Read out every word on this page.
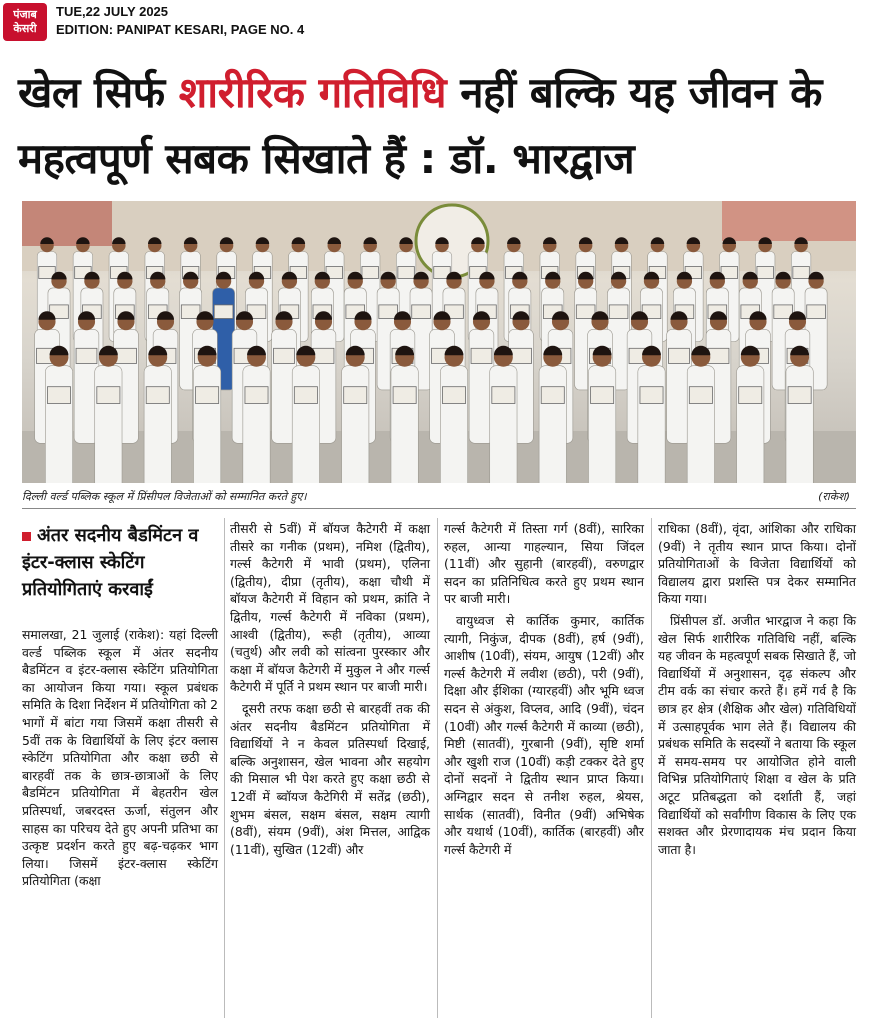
पंजाब
केसरी
TUE,22 JULY 2025
EDITION: PANIPAT KESARI, PAGE NO. 4
खेल सिर्फ शारीरिक गतिविधि नहीं बल्कि यह जीवन के महत्वपूर्ण सबक सिखाते हैं : डॉ. भारद्वाज
दिल्ली वर्ल्ड पब्लिक स्कूल में प्रिंसीपल विजेताओं को सम्मानित करते हुए।	(राकेश)
अंतर सदनीय बैडमिंटन व इंटर-क्लास स्केटिंग प्रतियोगिताएं करवाईं

समालखा, 21 जुलाई (राकेश): यहां दिल्ली वर्ल्ड पब्लिक स्कूल में अंतर सदनीय बैडमिंटन व इंटर-क्लास स्केटिंग प्रतियोगिता का आयोजन किया गया। स्कूल प्रबंधक समिति के दिशा निर्देशन में प्रतियोगिता को 2 भागों में बांटा गया जिसमें कक्षा तीसरी से 5वीं तक के विद्यार्थियों के लिए इंटर क्लास स्केटिंग प्रतियोगिता और कक्षा छठी से बारहवीं तक के छात्र-छात्राओं के लिए बैडमिंटन प्रतियोगिता में बेहतरीन खेल प्रतिस्पर्धा, जबरदस्त ऊर्जा, संतुलन और साहस का परिचय देते हुए अपनी प्रतिभा का उत्कृष्ट प्रदर्शन करते हुए बढ़-चढ़कर भाग लिया। जिसमें इंटर-क्लास स्केटिंग प्रतियोगिता (कक्षा

तीसरी से 5वीं) में बॉयज कैटेगरी में कक्षा तीसरे का गनीक (प्रथम), नमिश (द्वितीय), गर्ल्स कैटेगरी में भावी (प्रथम), एलिना (द्वितीय), दीप्रा (तृतीय), कक्षा चौथी में बॉयज कैटेगरी में विहान को प्रथम, क्रांति ने द्वितीय, गर्ल्स कैटेगरी में नविका (प्रथम), आश्वी (द्वितीय), रूही (तृतीय), आव्या (चतुर्थ) और लवी को सांत्वना पुरस्कार और कक्षा में बॉयज कैटेगरी में मुकुल ने और गर्ल्स कैटेगरी में पूर्ति ने प्रथम स्थान पर बाजी मारी।

दूसरी तरफ कक्षा छठी से बारहवीं तक की अंतर सदनीय बैडमिंटन प्रतियोगिता में विद्यार्थियों ने न केवल प्रतिस्पर्धा दिखाई, बल्कि अनुशासन, खेल भावना और सहयोग की मिसाल भी पेश करते हुए कक्षा छठी से 12वीं में ब्वॉयज कैटेगिरी में सतेंद्र (छठी), शुभम बंसल, सक्षम बंसल, सक्षम त्यागी (8वीं), संयम (9वीं), अंश मित्तल, आद्विक (11वीं), सुखित (12वीं) और

गर्ल्स कैटेगरी में तिस्ता गर्ग (8वीं), सारिका रुहल, आन्या गाहल्यान, सिया जिंदल (11वीं) और सुहानी (बारहवीं), वरुणद्वार सदन का प्रतिनिधित्व करते हुए प्रथम स्थान पर बाजी मारी।

वायुध्वज से कार्तिक कुमार, कार्तिक त्यागी, निकुंज, दीपक (8वीं), हर्ष (9वीं), आशीष (10वीं), संयम, आयुष (12वीं) और गर्ल्स कैटेगरी में लवीश (छठी), परी (9वीं), दिक्षा और ईशिका (ग्यारहवीं) और भूमि ध्वज सदन से अंकुश, विप्लव, आदि (9वीं), चंदन (10वीं) और गर्ल्स कैटेगरी में काव्या (छठी), मिष्टी (सातवीं), गुरबानी (9वीं), सृष्टि शर्मा और खुशी राज (10वीं) कड़ी टक्कर देते हुए दोनों सदनों ने द्वितीय स्थान प्राप्त किया। अग्निद्वार सदन से तनीश रुहल, श्रेयस, सार्थक (सातवीं), विनीत (9वीं) अभिषेक और यथार्थ (10वीं), कार्तिक (बारहवीं) और गर्ल्स कैटेगरी में

राधिका (8वीं), वृंदा, आंशिका और राधिका (9वीं) ने तृतीय स्थान प्राप्त किया। दोनों प्रतियोगिताओं के विजेता विद्यार्थियों को विद्यालय द्वारा प्रशस्ति पत्र देकर सम्मानित किया गया।

प्रिंसीपल डॉ. अजीत भारद्वाज ने कहा कि खेल सिर्फ शारीरिक गतिविधि नहीं, बल्कि यह जीवन के महत्वपूर्ण सबक सिखाते हैं, जो विद्यार्थियों में अनुशासन, दृढ़ संकल्प और टीम वर्क का संचार करते हैं। हमें गर्व है कि छात्र हर क्षेत्र (शैक्षिक और खेल) गतिविधियों में उत्साहपूर्वक भाग लेते हैं। विद्यालय की प्रबंधक समिति के सदस्यों ने बताया कि स्कूल में समय-समय पर आयोजित होने वाली विभिन्न प्रतियोगिताएं शिक्षा व खेल के प्रति अटूट प्रतिबद्धता को दर्शाती हैं, जहां विद्यार्थियों को सर्वांगीण विकास के लिए एक सशक्त और प्रेरणादायक मंच प्रदान किया जाता है।
